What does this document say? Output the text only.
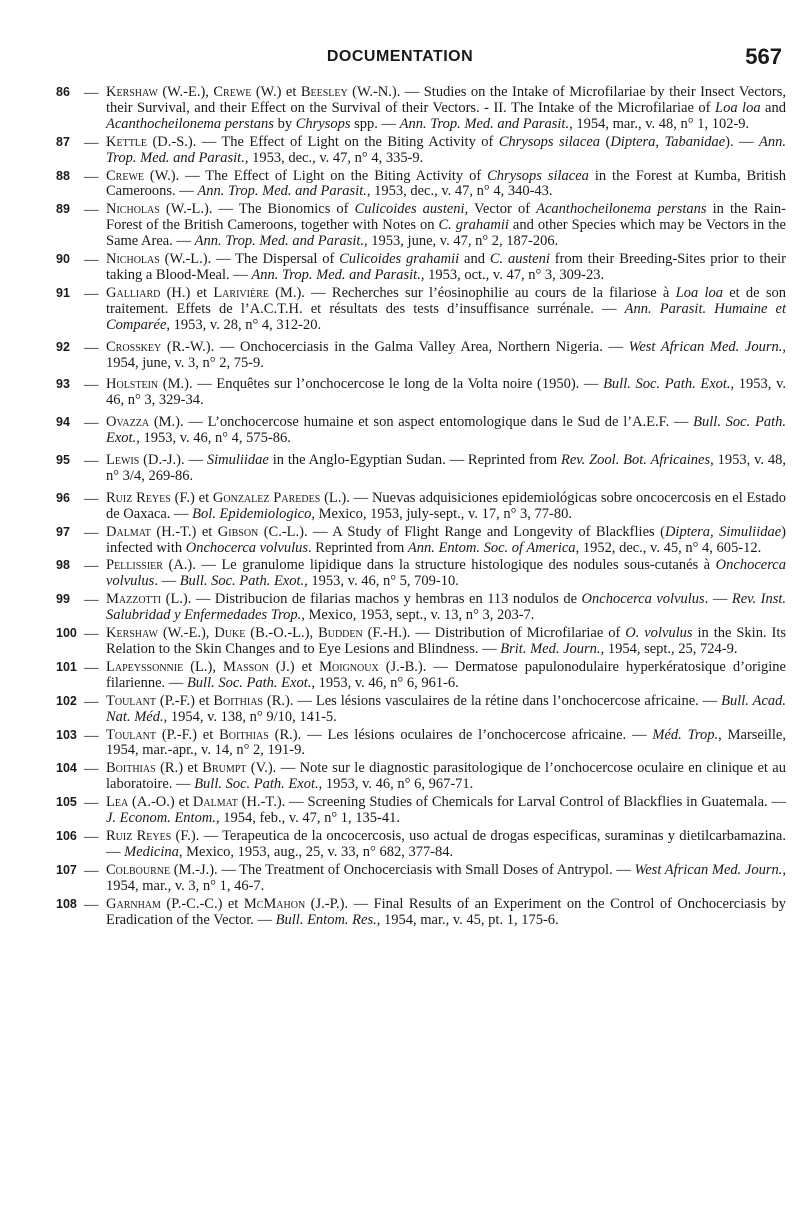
DOCUMENTATION	567
86 — Kershaw (W.-E.), Crewe (W.) et Beesley (W.-N.). — Studies on the Intake of Microfilariae by their Insect Vectors, their Survival, and their Effect on the Survival of their Vectors. - II. The Intake of the Microfilariae of Loa loa and Acanthocheilonema perstans by Chrysops spp. — Ann. Trop. Med. and Parasit., 1954, mar., v. 48, n° 1, 102-9.
87 — Kettle (D.-S.). — The Effect of Light on the Biting Activity of Chrysops silacea (Diptera, Tabanidae). — Ann. Trop. Med. and Parasit., 1953, dec., v. 47, n° 4, 335-9.
88 — Crewe (W.). — The Effect of Light on the Biting Activity of Chrysops silacea in the Forest at Kumba, British Cameroons. — Ann. Trop. Med. and Parasit., 1953, dec., v. 47, n° 4, 340-43.
89 — Nicholas (W.-L.). — The Bionomics of Culicoides austeni, Vector of Acanthocheilonema perstans in the Rain-Forest of the British Cameroons, together with Notes on C. grahamii and other Species which may be Vectors in the Same Area. — Ann. Trop. Med. and Parasit., 1953, june, v. 47, n° 2, 187-206.
90 — Nicholas (W.-L.). — The Dispersal of Culicoides grahamii and C. austeni from their Breeding-Sites prior to their taking a Blood-Meal. — Ann. Trop. Med. and Parasit., 1953, oct., v. 47, n° 3, 309-23.
91 — Galliard (H.) et Larivière (M.). — Recherches sur l’éosinophilie au cours de la filariose à Loa loa et de son traitement. Effets de l’A.C.T.H. et résultats des tests d’insuffisance surrénale. — Ann. Parasit. Humaine et Comparée, 1953, v. 28, n° 4, 312-20.
92 — Crosskey (R.-W.). — Onchocerciasis in the Galma Valley Area, Northern Nigeria. — West African Med. Journ., 1954, june, v. 3, n° 2, 75-9.
93 — Holstein (M.). — Enquêtes sur l’onchocercose le long de la Volta noire (1950). — Bull. Soc. Path. Exot., 1953, v. 46, n° 3, 329-34.
94 — Ovazza (M.). — L’onchocercose humaine et son aspect entomologique dans le Sud de l’A.E.F. — Bull. Soc. Path. Exot., 1953, v. 46, n° 4, 575-86.
95 — Lewis (D.-J.). — Simuliidae in the Anglo-Egyptian Sudan. — Reprinted from Rev. Zool. Bot. Africaines, 1953, v. 48, n° 3/4, 269-86.
96 — Ruiz Reyes (F.) et Gonzalez Paredes (L.). — Nuevas adquisiciones epidemiológicas sobre oncocercosis en el Estado de Oaxaca. — Bol. Epidemiologico, Mexico, 1953, july-sept., v. 17, n° 3, 77-80.
97 — Dalmat (H.-T.) et Gibson (C.-L.). — A Study of Flight Range and Longevity of Blackflies (Diptera, Simuliidae) infected with Onchocerca volvulus. Reprinted from Ann. Entom. Soc. of America, 1952, dec., v. 45, n° 4, 605-12.
98 — Pellissier (A.). — Le granulome lipidique dans la structure histologique des nodules sous-cutanés à Onchocerca volvulus. — Bull. Soc. Path. Exot., 1953, v. 46, n° 5, 709-10.
99 — Mazzotti (L.). — Distribucion de filarias machos y hembras en 113 nodulos de Onchocerca volvulus. — Rev. Inst. Salubridad y Enfermedades Trop., Mexico, 1953, sept., v. 13, n° 3, 203-7.
100 — Kershaw (W.-E.), Duke (B.-O.-L.), Budden (F.-H.). — Distribution of Microfilariae of O. volvulus in the Skin. Its Relation to the Skin Changes and to Eye Lesions and Blindness. — Brit. Med. Journ., 1954, sept., 25, 724-9.
101 — Lapeyssonnie (L.), Masson (J.) et Moignoux (J.-B.). — Dermatose papulonodulaire hyperkératosique d’origine filarienne. — Bull. Soc. Path. Exot., 1953, v. 46, n° 6, 961-6.
102 — Toulant (P.-F.) et Boithias (R.). — Les lésions vasculaires de la rétine dans l’onchocercose africaine. — Bull. Acad. Nat. Méd., 1954, v. 138, n° 9/10, 141-5.
103 — Toulant (P.-F.) et Boithias (R.). — Les lésions oculaires de l’onchocercose africaine. — Méd. Trop., Marseille, 1954, mar.-apr., v. 14, n° 2, 191-9.
104 — Boithias (R.) et Brumpt (V.). — Note sur le diagnostic parasitologique de l’onchocercose oculaire en clinique et au laboratoire. — Bull. Soc. Path. Exot., 1953, v. 46, n° 6, 967-71.
105 — Lea (A.-O.) et Dalmat (H.-T.). — Screening Studies of Chemicals for Larval Control of Blackflies in Guatemala. — J. Econom. Entom., 1954, feb., v. 47, n° 1, 135-41.
106 — Ruiz Reyes (F.). — Terapeutica de la oncocercosis, uso actual de drogas especificas, suraminas y dietilcarbamazina. — Medicina, Mexico, 1953, aug., 25, v. 33, n° 682, 377-84.
107 — Colbourne (M.-J.). — The Treatment of Onchocerciasis with Small Doses of Antrypol. — West African Med. Journ., 1954, mar., v. 3, n° 1, 46-7.
108 — Garnham (P.-C.-C.) et McMahon (J.-P.). — Final Results of an Experiment on the Control of Onchocerciasis by Eradication of the Vector. — Bull. Entom. Res., 1954, mar., v. 45, pt. 1, 175-6.
